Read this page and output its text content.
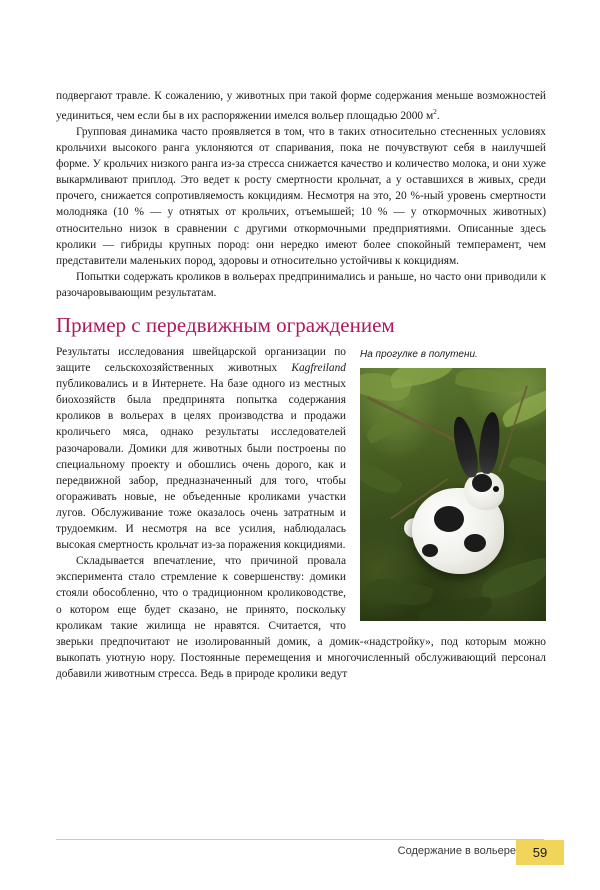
подвергают травле. К сожалению, у животных при такой форме содержания меньше возможностей уединиться, чем если бы в их распоряжении имелся вольер площадью 2000 $м^2$.

Групповая динамика часто проявляется в том, что в таких относительно стесненных условиях крольчихи высокого ранга уклоняются от спаривания, пока не почувствуют себя в наилучшей форме. У крольчих низкого ранга из-за стресса снижается качество и количество молока, и они хуже выкармливают приплод. Это ведет к росту смертности крольчат, а у оставшихся в живых, среди прочего, снижается сопротивляемость кокцидиям. Несмотря на это, 20 %-ный уровень смертности молодняка (10 % — у отнятых от крольчих, отъемышей; 10 % — у откормочных животных) относительно низок в сравнении с другими откормочными предприятиями. Описанные здесь кролики — гибриды крупных пород: они нередко имеют более спокойный темперамент, чем представители маленьких пород, здоровы и относительно устойчивы к кокцидиям.

Попытки содержать кроликов в вольерах предпринимались и раньше, но часто они приводили к разочаровывающим результатам.

Пример с передвижным ограждением
На прогулке в полутени.

Результаты исследования швейцарской организации по защите сельскохозяйственных животных Kagfreiland публиковались и в Интернете. На базе одного из местных биохозяйств была предпринята попытка содержания кроликов в вольерах в целях производства и продажи кроличьего мяса, однако результаты исследователей разочаровали. Домики для животных были построены по специальному проекту и обошлись очень дорого, как и передвижной забор, предназначенный для того, чтобы огораживать новые, не объеденные кроликами участки лугов. Обслуживание тоже оказалось очень затратным и трудоемким. И несмотря на все усилия, наблюдалась высокая смертность крольчат из-за поражения кокцидиями.

Складывается впечатление, что причиной провала эксперимента стало стремление к совершенству: домики стояли обособленно, что о традиционном кролиководстве, о котором еще будет сказано, не принято, поскольку кроликам такие жилища не нравятся. Считается, что зверьки предпочитают не изолированный домик, а домик-«надстройку», под которым можно выкопать уютную нору. Постоянные перемещения и многочисленный обслуживающий персонал добавили животным стресса. Ведь в природе кролики ведут

Содержание в вольере	59
